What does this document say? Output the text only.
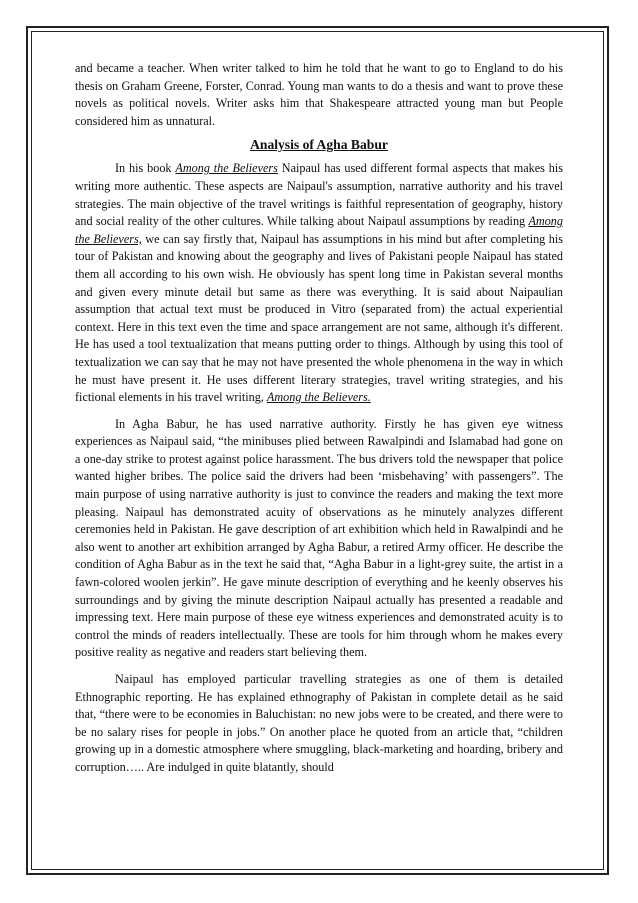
and became a teacher. When writer talked to him he told that he want to go to England to do his thesis on Graham Greene, Forster, Conrad. Young man wants to do a thesis and want to prove these novels as political novels. Writer asks him that Shakespeare attracted young man but People considered him as unnatural.

Analysis of Agha Babur

In his book Among the Believers Naipaul has used different formal aspects that makes his writing more authentic. These aspects are Naipaul's assumption, narrative authority and his travel strategies. The main objective of the travel writings is faithful representation of geography, history and social reality of the other cultures. While talking about Naipaul assumptions by reading Among the Believers, we can say firstly that, Naipaul has assumptions in his mind but after completing his tour of Pakistan and knowing about the geography and lives of Pakistani people Naipaul has stated them all according to his own wish. He obviously has spent long time in Pakistan several months and given every minute detail but same as there was everything. It is said about Naipaulian assumption that actual text must be produced in Vitro (separated from) the actual experiential context. Here in this text even the time and space arrangement are not same, although it's different. He has used a tool textualization that means putting order to things. Although by using this tool of textualization we can say that he may not have presented the whole phenomena in the way in which he must have present it. He uses different literary strategies, travel writing strategies, and his fictional elements in his travel writing, Among the Believers.

In Agha Babur, he has used narrative authority. Firstly he has given eye witness experiences as Naipaul said, “the minibuses plied between Rawalpindi and Islamabad had gone on a one-day strike to protest against police harassment. The bus drivers told the newspaper that police wanted higher bribes. The police said the drivers had been ‘misbehaving’ with passengers”. The main purpose of using narrative authority is just to convince the readers and making the text more pleasing. Naipaul has demonstrated acuity of observations as he minutely analyzes different ceremonies held in Pakistan. He gave description of art exhibition which held in Rawalpindi and he also went to another art exhibition arranged by Agha Babur, a retired Army officer. He describe the condition of Agha Babur as in the text he said that, “Agha Babur in a light-grey suite, the artist in a fawn-colored woolen jerkin”. He gave minute description of everything and he keenly observes his surroundings and by giving the minute description Naipaul actually has presented a readable and impressing text. Here main purpose of these eye witness experiences and demonstrated acuity is to control the minds of readers intellectually. These are tools for him through whom he makes every positive reality as negative and readers start believing them.

Naipaul has employed particular travelling strategies as one of them is detailed Ethnographic reporting. He has explained ethnography of Pakistan in complete detail as he said that, “there were to be economies in Baluchistan: no new jobs were to be created, and there were to be no salary rises for people in jobs.” On another place he quoted from an article that, “children growing up in a domestic atmosphere where smuggling, black-marketing and hoarding, bribery and corruption….. Are indulged in quite blatantly, should
